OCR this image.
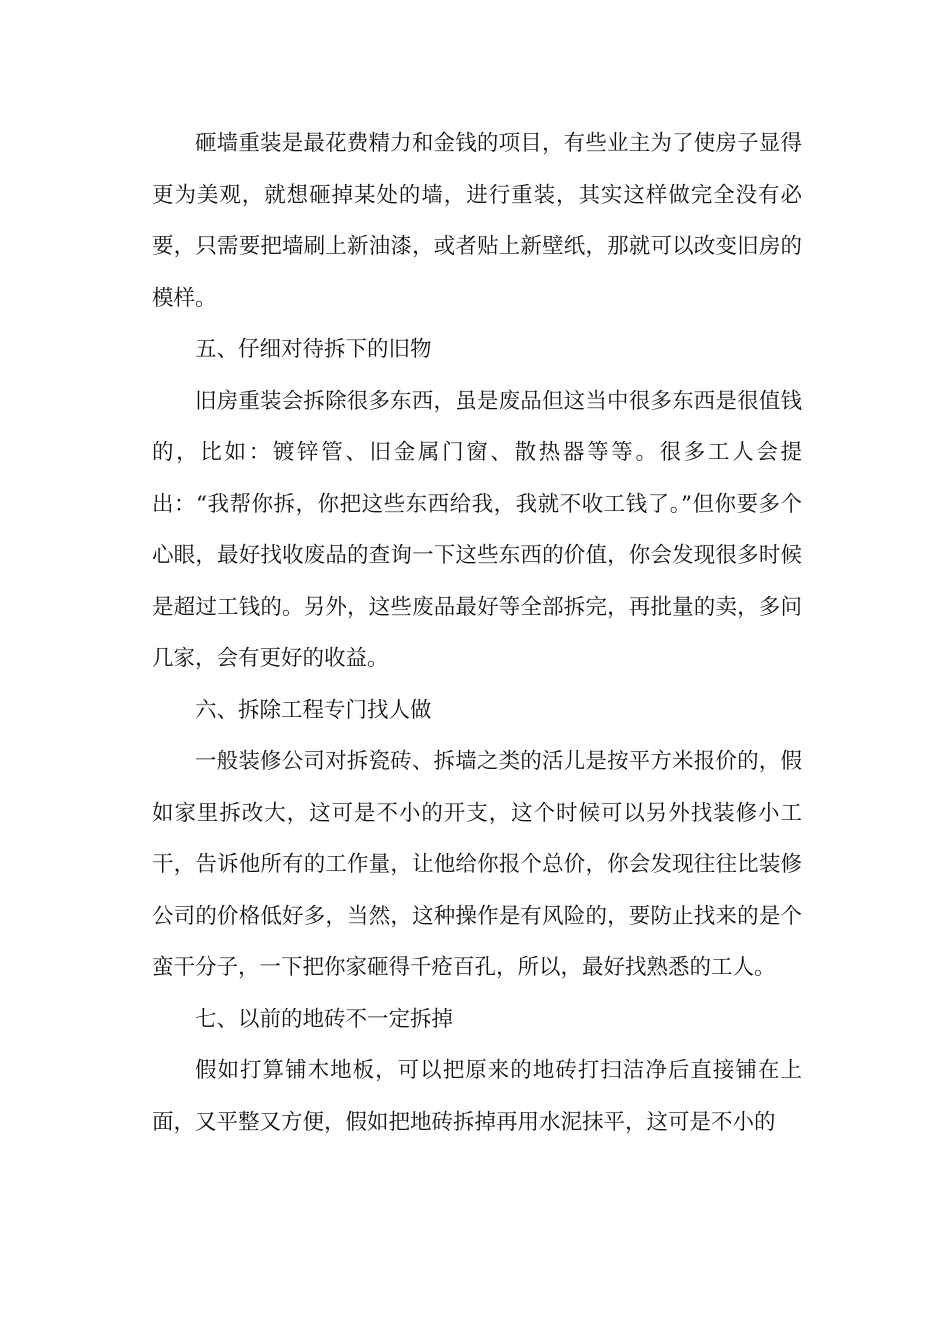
砸墙重装是最花费精力和金钱的项目，有些业主为了使房子显得更为美观，就想砸掉某处的墙，进行重装，其实这样做完全没有必要，只需要把墙刷上新油漆，或者贴上新壁纸，那就可以改变旧房的模样。

五、仔细对待拆下的旧物

旧房重装会拆除很多东西，虽是废品但这当中很多东西是很值钱的，比如：镀锌管、旧金属门窗、散热器等等。很多工人会提出：“我帮你拆，你把这些东西给我，我就不收工钱了。”但你要多个心眼，最好找收废品的查询一下这些东西的价值，你会发现很多时候是超过工钱的。另外，这些废品最好等全部拆完，再批量的卖，多问几家，会有更好的收益。

六、拆除工程专门找人做

一般装修公司对拆瓷砖、拆墙之类的活儿是按平方米报价的，假如家里拆改大，这可是不小的开支，这个时候可以另外找装修小工干，告诉他所有的工作量，让他给你报个总价，你会发现往往比装修公司的价格低好多，当然，这种操作是有风险的，要防止找来的是个蛮干分子，一下把你家砸得千疮百孔，所以，最好找熟悉的工人。

七、以前的地砖不一定拆掉

假如打算铺木地板，可以把原来的地砖打扫洁净后直接铺在上面，又平整又方便，假如把地砖拆掉再用水泥抹平，这可是不小的
